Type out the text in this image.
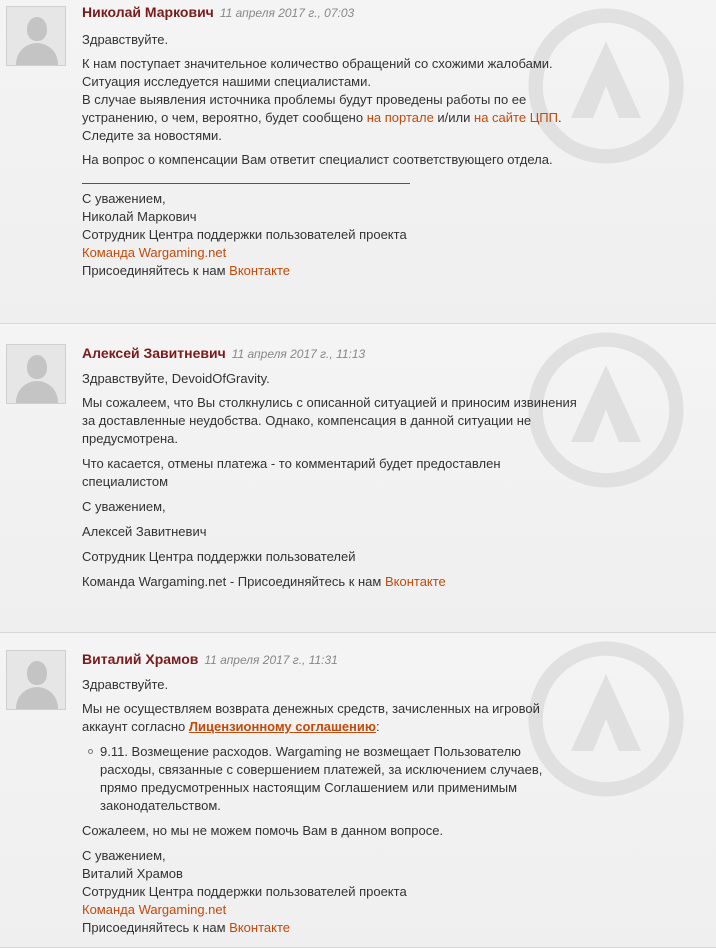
Николай Маркович 11 апреля 2017 г., 07:03

Здравствуйте.

К нам поступает значительное количество обращений со схожими жалобами.

Ситуация исследуется нашими специалистами.

В случае выявления источника проблемы будут проведены работы по ее

устранению, о чем, вероятно, будет сообщено на портале и/или на сайте ЦПП.

Следите за новостями.

На вопрос о компенсации Вам ответит специалист соответствующего отдела.

С уважением,

Николай Маркович

Сотрудник Центра поддержки пользователей проекта

Команда Wargaming.net

Присоединяйтесь к нам Вконтакте

Алексей Завитневич 11 апреля 2017 г., 11:13

Здравствуйте, DevoidOfGravity.

Мы сожалеем, что Вы столкнулись с описанной ситуацией и приносим извинения

за доставленные неудобства. Однако, компенсация в данной ситуации не

предусмотрена.

Что касается, отмены платежа - то комментарий будет предоставлен

специалистом

С уважением,

Алексей Завитневич

Сотрудник Центра поддержки пользователей

Команда Wargaming.net - Присоединяйтесь к нам Вконтакте

Виталий Храмов 11 апреля 2017 г., 11:31

Здравствуйте.

Мы не осуществляем возврата денежных средств, зачисленных на игровой

аккаунт согласно Лицензионному соглашению:

9.11. Возмещение расходов. Wargaming не возмещает Пользователю
расходы, связанные с совершением платежей, за исключением случаев,
прямо предусмотренных настоящим Соглашением или применимым
законодательством.

Сожалеем, но мы не можем помочь Вам в данном вопросе.

С уважением,

Виталий Храмов

Сотрудник Центра поддержки пользователей проекта

Команда Wargaming.net

Присоединяйтесь к нам Вконтакте
